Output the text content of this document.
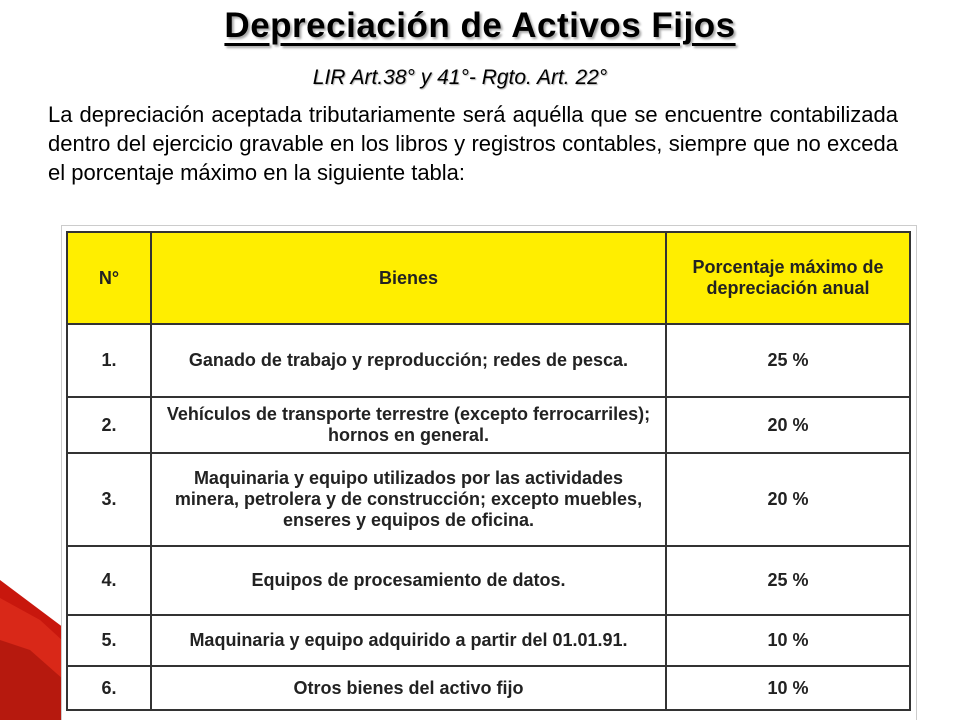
Depreciación de Activos Fijos
LIR Art.38° y 41°- Rgto. Art. 22°
La depreciación aceptada tributariamente será aquélla que se encuentre contabilizada dentro del ejercicio gravable en los libros y registros contables, siempre que no exceda el porcentaje máximo en la siguiente tabla:
N°	Bienes	Porcentaje máximo de depreciación anual
1.	Ganado de trabajo y reproducción; redes de pesca.	25 %
2.	Vehículos de transporte terrestre (excepto ferrocarriles); hornos en general.	20 %
3.	Maquinaria y equipo utilizados por las actividades minera, petrolera y de construcción; excepto muebles, enseres y equipos de oficina.	20 %
4.	Equipos de procesamiento de datos.	25 %
5.	Maquinaria y equipo adquirido a partir del 01.01.91.	10 %
6.	Otros bienes del activo fijo	10 %
